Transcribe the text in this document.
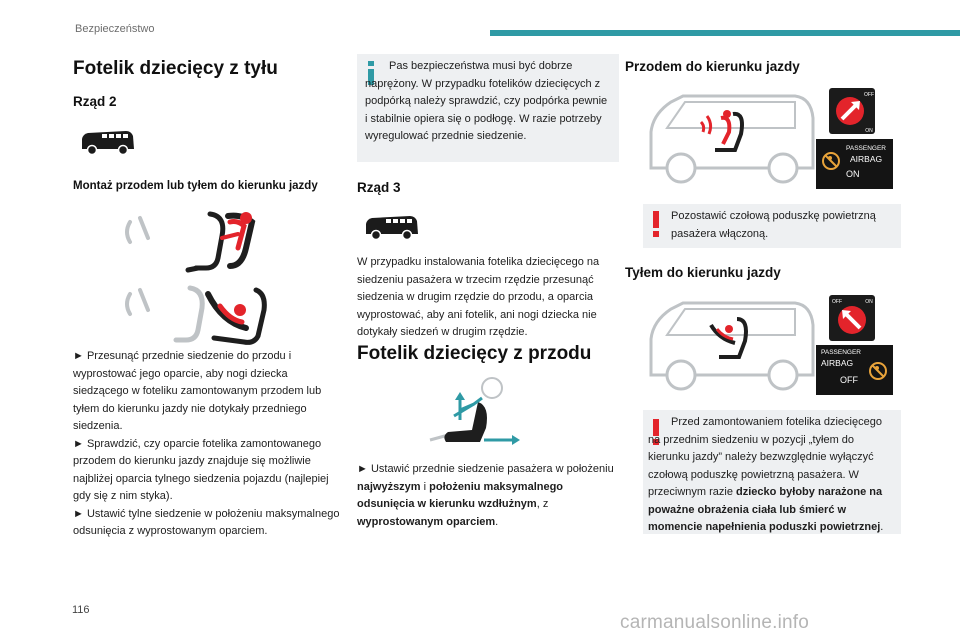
Bezpieczeństwo
Fotelik dziecięcy z tyłu
Rząd 2
Montaż przodem lub tyłem do kierunku jazdy

► Przesunąć przednie siedzenie do przodu i wyprostować jego oparcie, aby nogi dziecka siedzącego w foteliku zamontowanym przodem lub tyłem do kierunku jazdy nie dotykały przedniego siedzenia.

► Sprawdzić, czy oparcie fotelika zamontowanego przodem do kierunku jazdy znajduje się możliwie najbliżej oparcia tylnego siedzenia pojazdu (najlepiej gdy się z nim styka).

► Ustawić tylne siedzenie w położeniu maksymalnego odsunięcia z wyprostowanym oparciem.

Pas bezpieczeństwa musi być dobrze naprężony. W przypadku fotelików dziecięcych z podpórką należy sprawdzić, czy podpórka pewnie i stabilnie opiera się o podłogę. W razie potrzeby wyregulować przednie siedzenie.

Rząd 3

W przypadku instalowania fotelika dziecięcego na siedzeniu pasażera w trzecim rzędzie przesunąć siedzenia w drugim rzędzie do przodu, a oparcia wyprostować, aby ani fotelik, ani nogi dziecka nie dotykały siedzeń w drugim rzędzie.

Fotelik dziecięcy z przodu

► Ustawić przednie siedzenie pasażera w położeniu najwyższym i położeniu maksymalnego odsunięcia w kierunku wzdłużnym, z wyprostowanym oparciem.

Przodem do kierunku jazdy
OFF
ON
PASSENGER
AIRBAG
ON

Pozostawić czołową poduszkę powietrzną pasażera włączoną.

Tyłem do kierunku jazdy
OFF	ON
PASSENGER
AIRBAG
OFF

Przed zamontowaniem fotelika dziecięcego na przednim siedzeniu w pozycji „tyłem do kierunku jazdy” należy bezwzględnie wyłączyć czołową poduszkę powietrzną pasażera. W przeciwnym razie dziecko byłoby narażone na poważne obrażenia ciała lub śmierć w momencie napełnienia poduszki powietrznej.

116
carmanualsonline.info
